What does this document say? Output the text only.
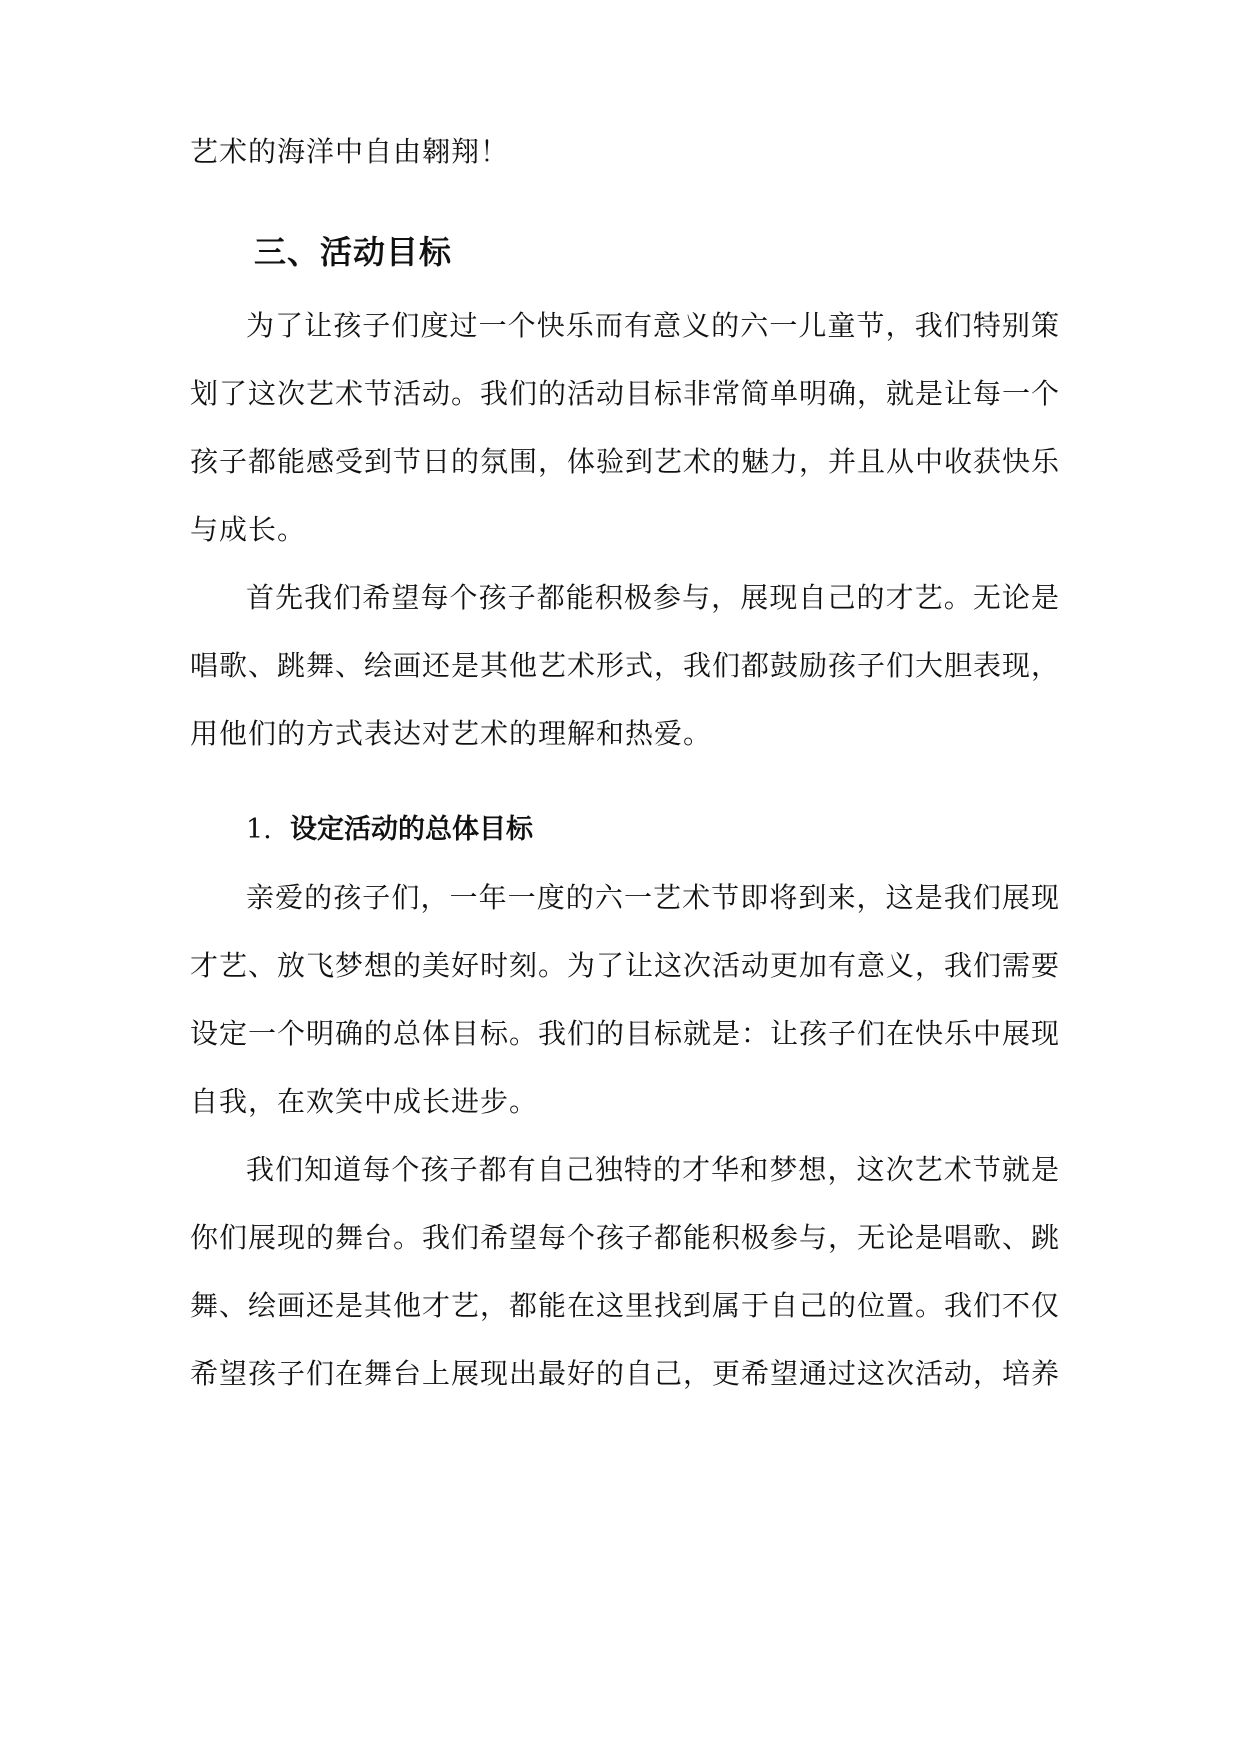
艺术的海洋中自由翱翔！
三、活动目标
为了让孩子们度过一个快乐而有意义的六一儿童节，我们特别策
划了这次艺术节活动。我们的活动目标非常简单明确，就是让每一个
孩子都能感受到节日的氛围，体验到艺术的魅力，并且从中收获快乐
与成长。
首先我们希望每个孩子都能积极参与，展现自己的才艺。无论是
唱歌、跳舞、绘画还是其他艺术形式，我们都鼓励孩子们大胆表现，
用他们的方式表达对艺术的理解和热爱。
1. 设定活动的总体目标
亲爱的孩子们，一年一度的六一艺术节即将到来，这是我们展现
才艺、放飞梦想的美好时刻。为了让这次活动更加有意义，我们需要
设定一个明确的总体目标。我们的目标就是：让孩子们在快乐中展现
自我，在欢笑中成长进步。
我们知道每个孩子都有自己独特的才华和梦想，这次艺术节就是
你们展现的舞台。我们希望每个孩子都能积极参与，无论是唱歌、跳
舞、绘画还是其他才艺，都能在这里找到属于自己的位置。我们不仅
希望孩子们在舞台上展现出最好的自己，更希望通过这次活动，培养
